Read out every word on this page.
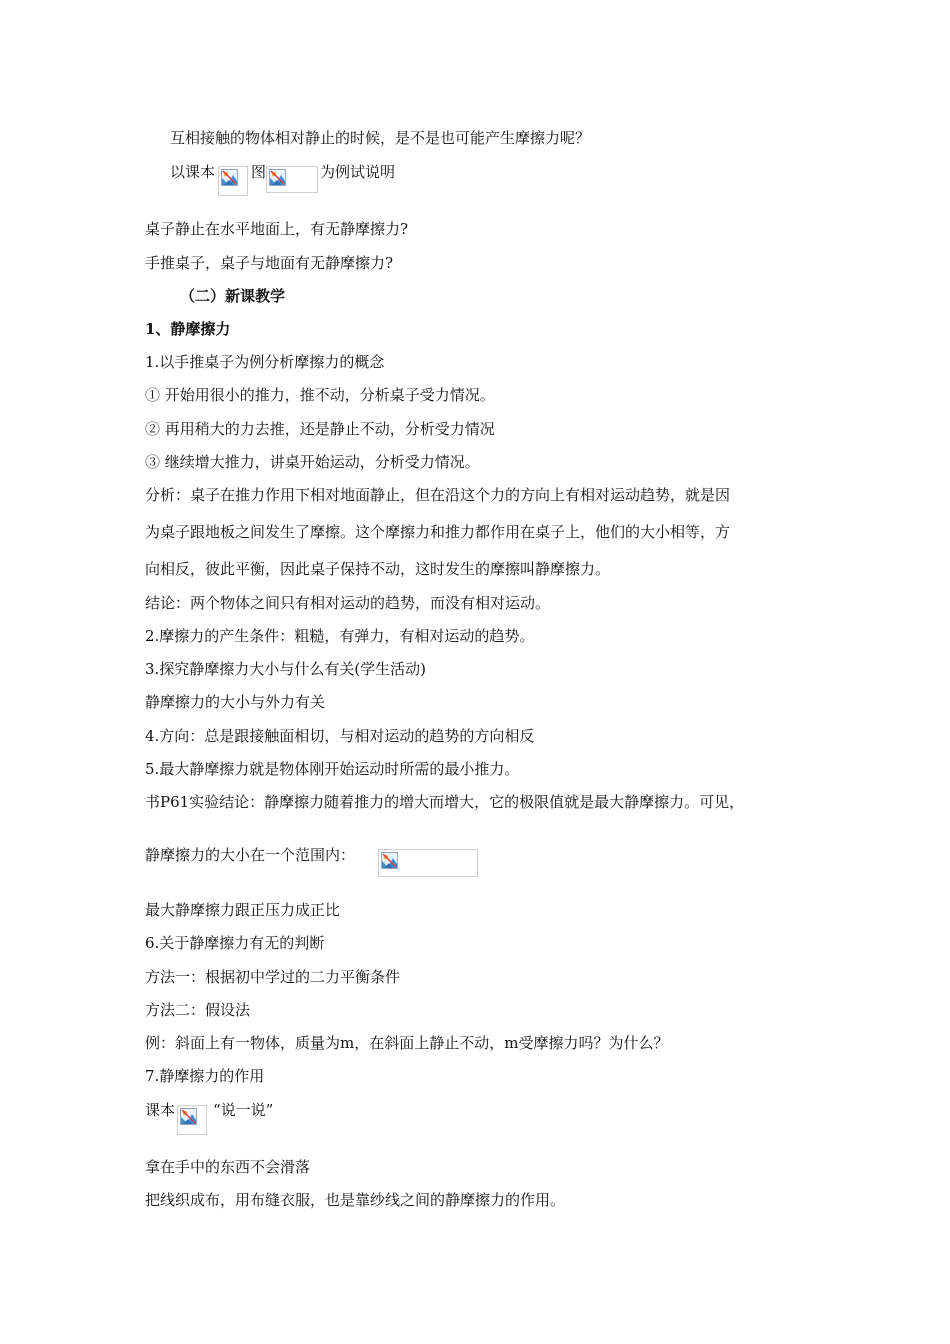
互相接触的物体相对静止的时候，是不是也可能产生摩擦力呢？
以课本 图	为例试说明
桌子静止在水平地面上，有无静摩擦力?
手推桌子，桌子与地面有无静摩擦力?
（二）新课教学
1、静摩擦力
1.以手推桌子为例分析摩擦力的概念
① 开始用很小的推力，推不动，分析桌子受力情况。
② 再用稍大的力去推，还是静止不动，分析受力情况
③ 继续增大推力，讲桌开始运动，分析受力情况。
分析：桌子在推力作用下相对地面静止，但在沿这个力的方向上有相对运动趋势，就是因
为桌子跟地板之间发生了摩擦。这个摩擦力和推力都作用在桌子上，他们的大小相等，方
向相反，彼此平衡，因此桌子保持不动，这时发生的摩擦叫静摩擦力。
结论：两个物体之间只有相对运动的趋势，而没有相对运动。
2.摩擦力的产生条件：粗糙，有弹力，有相对运动的趋势。
3.探究静摩擦力大小与什么有关(学生活动)
静摩擦力的大小与外力有关
4.方向：总是跟接触面相切，与相对运动的趋势的方向相反
5.最大静摩擦力就是物体刚开始运动时所需的最小推力。
书P61实验结论：静摩擦力随着推力的增大而增大，它的极限值就是最大静摩擦力。可见，
静摩擦力的大小在一个范围内：
最大静摩擦力跟正压力成正比
6.关于静摩擦力有无的判断
方法一：根据初中学过的二力平衡条件
方法二：假设法
例：斜面上有一物体，质量为m，在斜面上静止不动，m受摩擦力吗？为什么？
7.静摩擦力的作用
课本	“说一说”
拿在手中的东西不会滑落
把线织成布，用布缝衣服，也是靠纱线之间的静摩擦力的作用。
